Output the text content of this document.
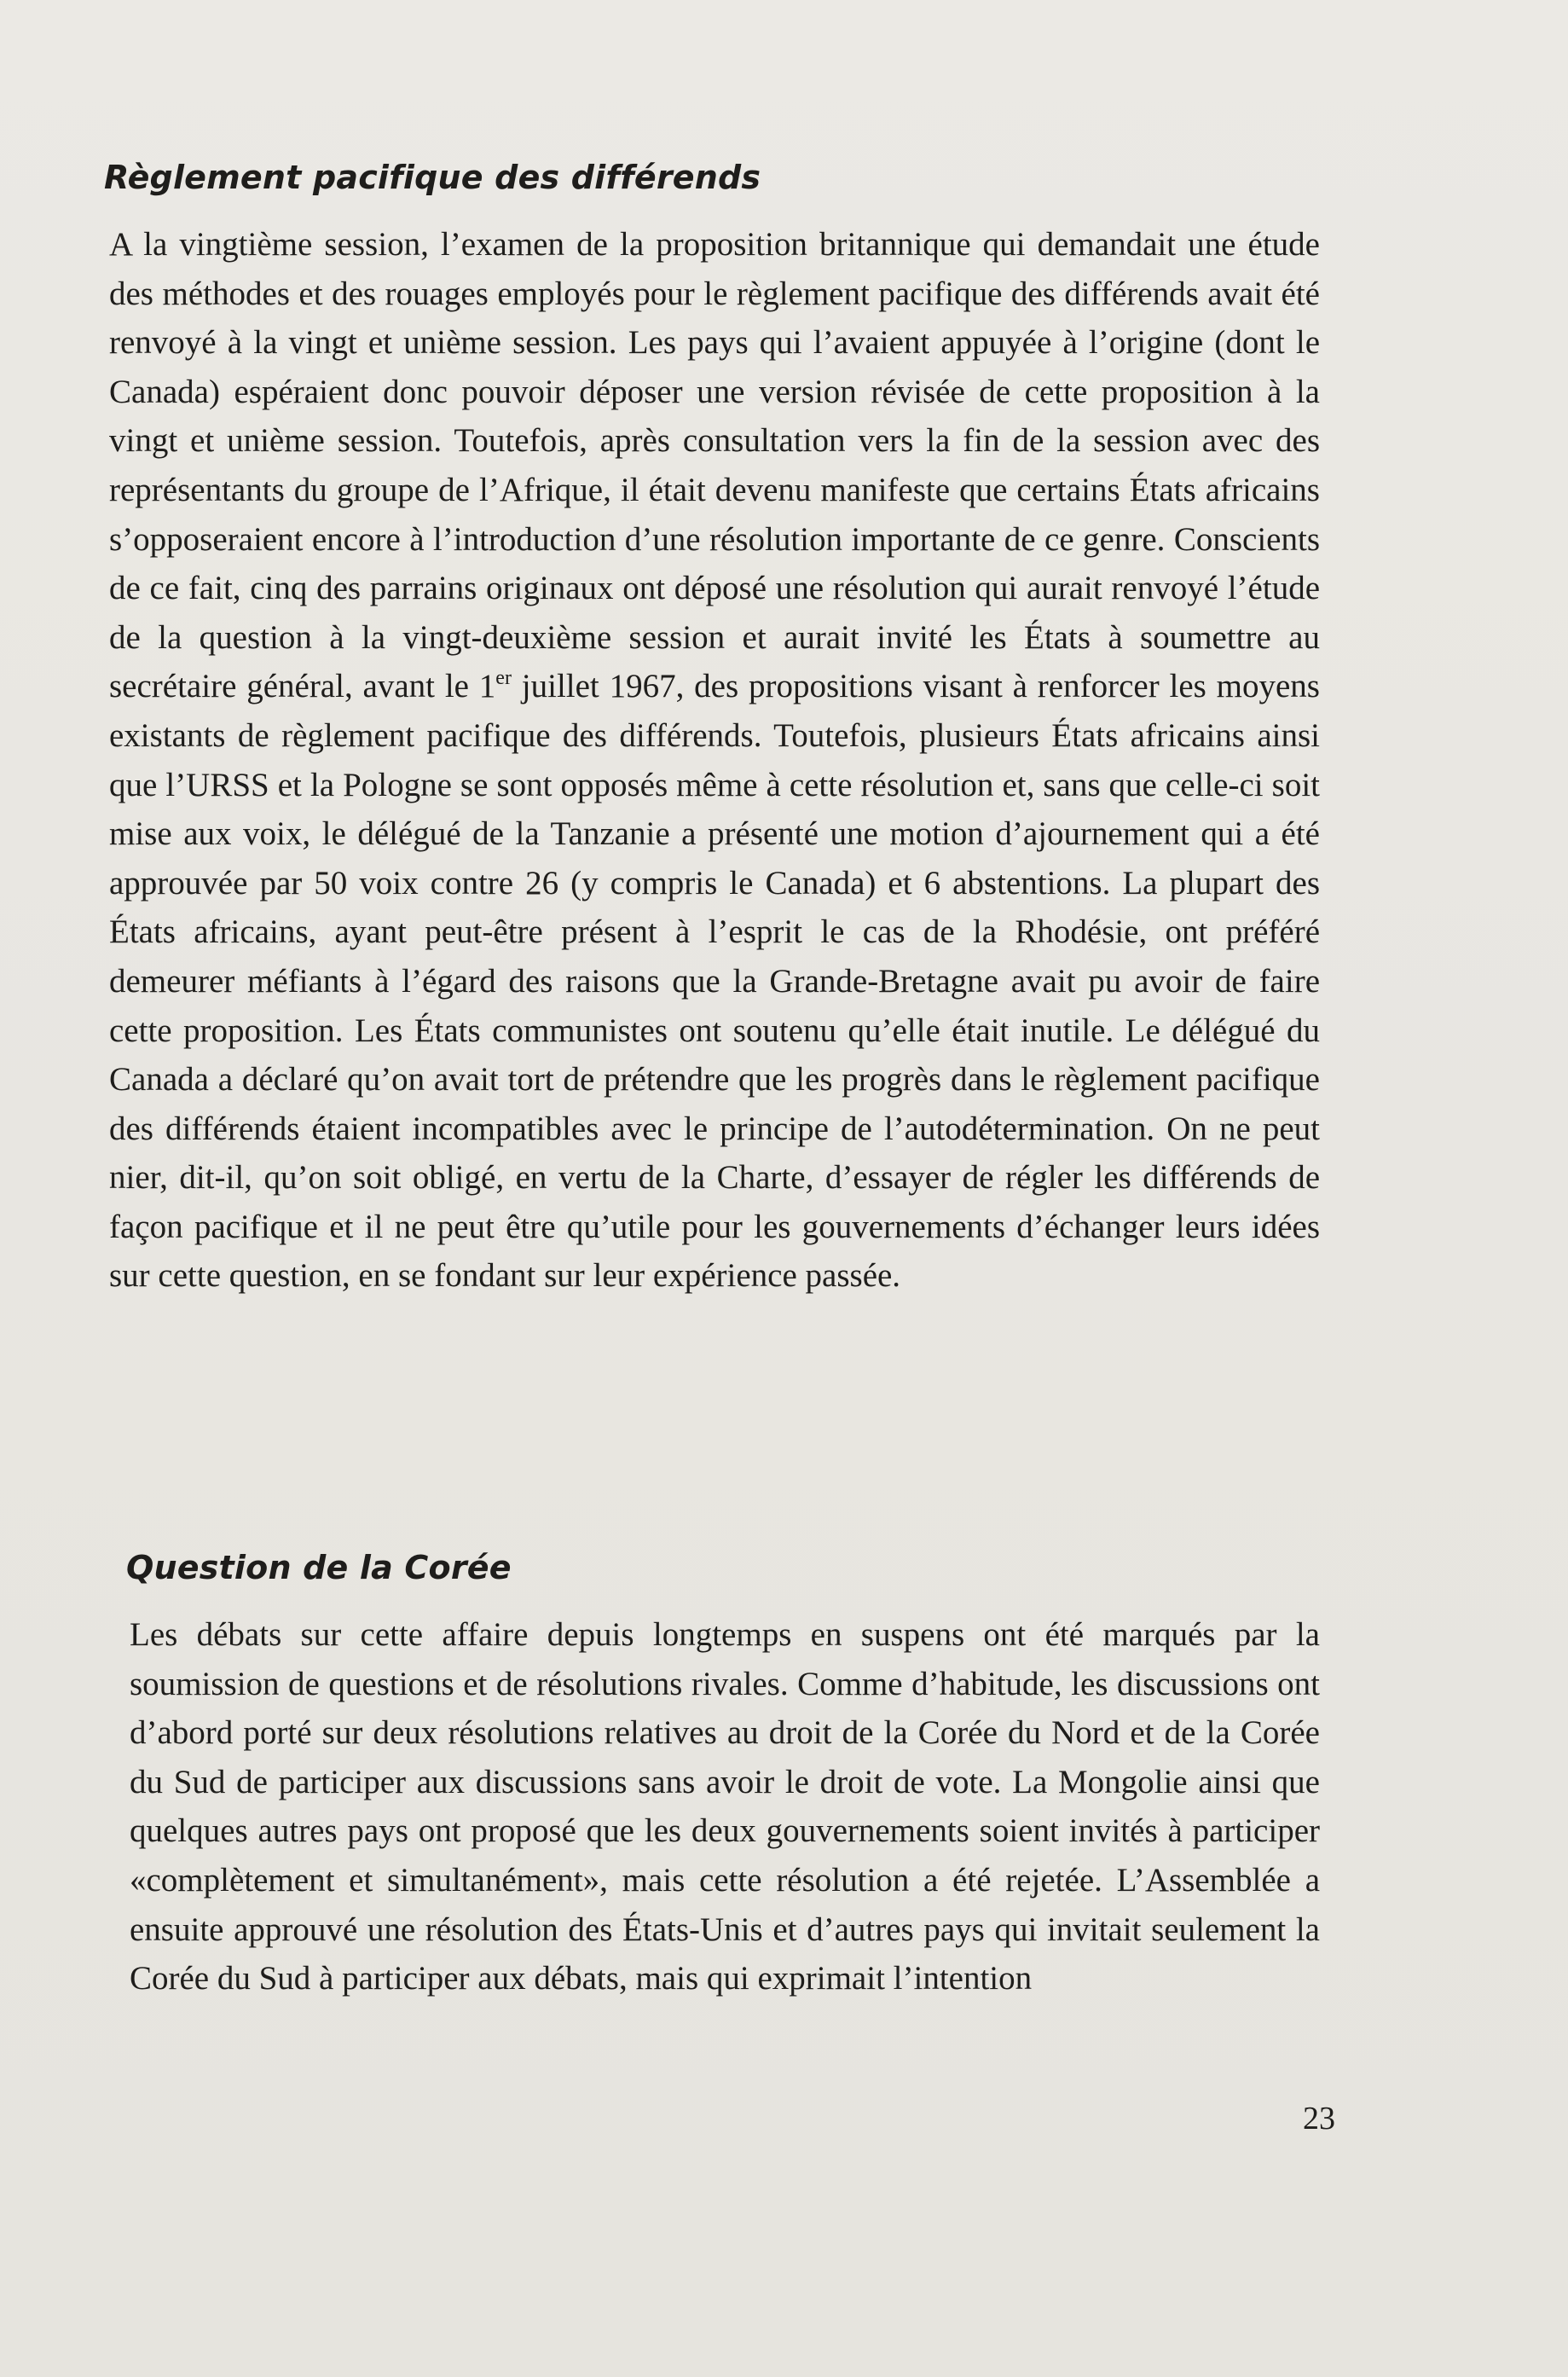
Règlement pacifique des différends

A la vingtième session, l’examen de la proposition britannique qui demandait une étude des méthodes et des rouages employés pour le règlement pacifique des différends avait été renvoyé à la vingt et unième session. Les pays qui l’avaient appuyée à l’origine (dont le Canada) espéraient donc pouvoir déposer une version révisée de cette proposition à la vingt et unième session. Toutefois, après consultation vers la fin de la session avec des représentants du groupe de l’Afrique, il était devenu manifeste que certains États africains s’opposeraient encore à l’introduction d’une résolution importante de ce genre. Conscients de ce fait, cinq des parrains originaux ont déposé une résolution qui aurait renvoyé l’étude de la question à la vingt-deuxième session et aurait invité les États à soumettre au secrétaire général, avant le 1er juillet 1967, des propositions visant à renforcer les moyens existants de règlement pacifique des différends. Toutefois, plusieurs États africains ainsi que l’URSS et la Pologne se sont opposés même à cette résolution et, sans que celle-ci soit mise aux voix, le délégué de la Tanzanie a présenté une motion d’ajournement qui a été approuvée par 50 voix contre 26 (y compris le Canada) et 6 abstentions. La plupart des États africains, ayant peut-être présent à l’esprit le cas de la Rhodésie, ont préféré demeurer méfiants à l’égard des raisons que la Grande-Bretagne avait pu avoir de faire cette proposition. Les États communistes ont soutenu qu’elle était inutile. Le délégué du Canada a déclaré qu’on avait tort de prétendre que les progrès dans le règlement pacifique des différends étaient incompatibles avec le principe de l’autodétermination. On ne peut nier, dit-il, qu’on soit obligé, en vertu de la Charte, d’essayer de régler les différends de façon pacifique et il ne peut être qu’utile pour les gouvernements d’échanger leurs idées sur cette question, en se fondant sur leur expérience passée.

Question de la Corée

Les débats sur cette affaire depuis longtemps en suspens ont été marqués par la soumission de questions et de résolutions rivales. Comme d’habitude, les discussions ont d’abord porté sur deux résolutions relatives au droit de la Corée du Nord et de la Corée du Sud de participer aux discussions sans avoir le droit de vote. La Mongolie ainsi que quelques autres pays ont proposé que les deux gouvernements soient invités à participer «complètement et simultanément», mais cette résolution a été rejetée. L’Assemblée a ensuite approuvé une résolution des États-Unis et d’autres pays qui invitait seulement la Corée du Sud à participer aux débats, mais qui exprimait l’intention

23
